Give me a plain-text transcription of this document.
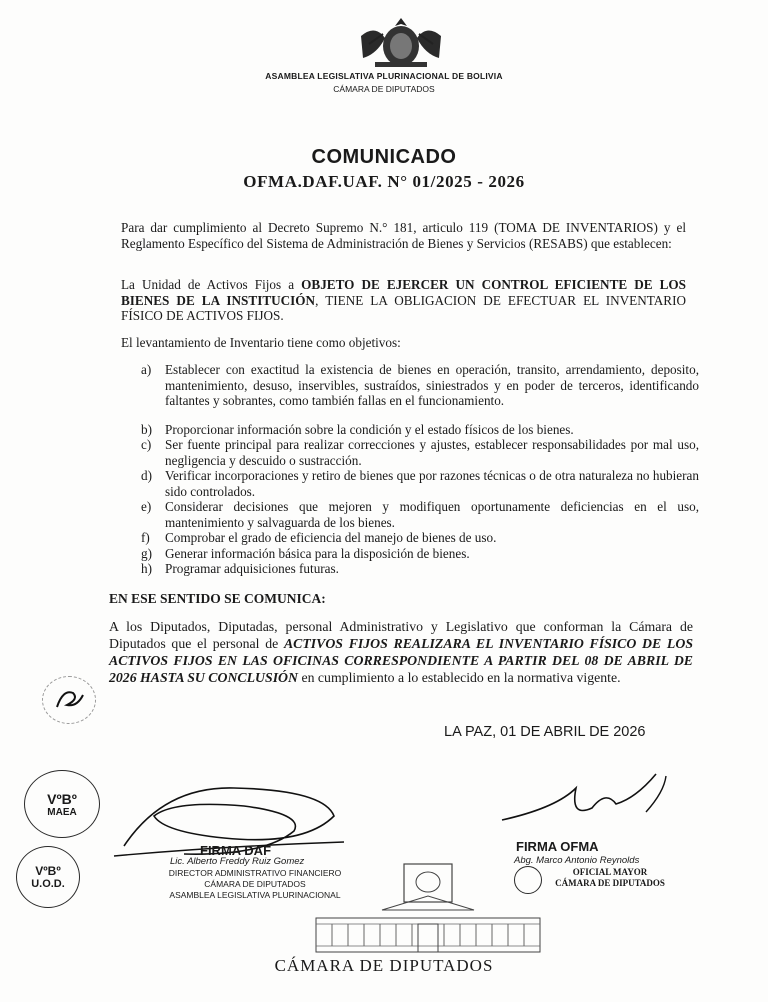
ASAMBLEA LEGISLATIVA PLURINACIONAL DE BOLIVIA
CÁMARA DE DIPUTADOS
COMUNICADO
OFMA.DAF.UAF. N° 01/2025 - 2026
Para dar cumplimiento al Decreto Supremo N.° 181, articulo 119 (TOMA DE INVENTARIOS) y el Reglamento Específico del Sistema de Administración de Bienes y Servicios (RESABS) que establecen:
La Unidad de Activos Fijos a OBJETO DE EJERCER UN CONTROL EFICIENTE DE LOS BIENES DE LA INSTITUCIÓN, TIENE LA OBLIGACION DE EFECTUAR EL INVENTARIO FÍSICO DE ACTIVOS FIJOS.
El levantamiento de Inventario tiene como objetivos:
a) Establecer con exactitud la existencia de bienes en operación, transito, arrendamiento, deposito, mantenimiento, desuso, inservibles, sustraídos, siniestrados y en poder de terceros, identificando faltantes y sobrantes, como también fallas en el funcionamiento.
b) Proporcionar información sobre la condición y el estado físicos de los bienes.
c) Ser fuente principal para realizar correcciones y ajustes, establecer responsabilidades por mal uso, negligencia y descuido o sustracción.
d) Verificar incorporaciones y retiro de bienes que por razones técnicas o de otra naturaleza no hubieran sido controlados.
e) Considerar decisiones que mejoren y modifiquen oportunamente deficiencias en el uso, mantenimiento y salvaguarda de los bienes.
f) Comprobar el grado de eficiencia del manejo de bienes de uso.
g) Generar información básica para la disposición de bienes.
h) Programar adquisiciones futuras.
EN ESE SENTIDO SE COMUNICA:
A los Diputados, Diputadas, personal Administrativo y Legislativo que conforman la Cámara de Diputados que el personal de ACTIVOS FIJOS REALIZARA EL INVENTARIO FÍSICO DE LOS ACTIVOS FIJOS EN LAS OFICINAS CORRESPONDIENTE A PARTIR DEL 08 DE ABRIL DE 2026 HASTA SU CONCLUSIÓN en cumplimiento a lo establecido en la normativa vigente.
LA PAZ, 01 DE ABRIL DE 2026
VºBº
MAEA
VºBº
U.O.D.
FIRMA DAF
Lic. Alberto Freddy Ruiz Gomez
DIRECTOR ADMINISTRATIVO FINANCIERO
CÁMARA DE DIPUTADOS
ASAMBLEA LEGISLATIVA PLURINACIONAL
FIRMA OFMA
Abg. Marco Antonio Reynolds
OFICIAL MAYOR
CÁMARA DE DIPUTADOS
CÁMARA DE DIPUTADOS
